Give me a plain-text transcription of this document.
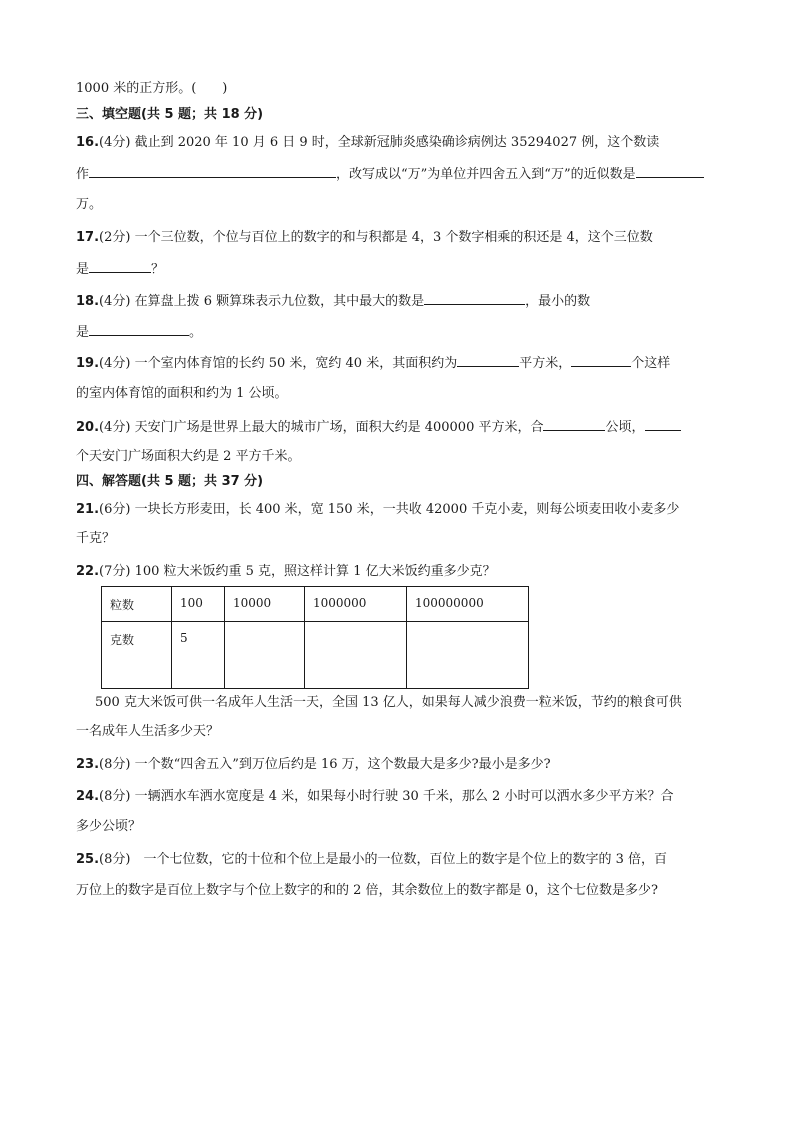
1000 米的正方形。(　　)
三、填空题(共 5 题；共 18 分)
16.(4分) 截止到 2020 年 10 月 6 日 9 时，全球新冠肺炎感染确诊病例达 35294027 例，这个数读
作	，改写成以“万”为单位并四舍五入到“万”的近似数是
万。
17.(2分) 一个三位数，个位与百位上的数字的和与积都是 4，3 个数字相乘的积还是 4，这个三位数
是	？
18.(4分) 在算盘上拨 6 颗算珠表示九位数，其中最大的数是	，最小的数
是	。
19.(4分) 一个室内体育馆的长约 50 米，宽约 40 米，其面积约为	平方米，	个这样
的室内体育馆的面积和约为 1 公顷。
20.(4分) 天安门广场是世界上最大的城市广场，面积大约是 400000 平方米，合	公顷，
个天安门广场面积大约是 2 平方千米。
四、解答题(共 5 题；共 37 分)
21.(6分) 一块长方形麦田，长 400 米，宽 150 米，一共收 42000 千克小麦，则每公顷麦田收小麦多少
千克？
22.(7分) 100 粒大米饭约重 5 克，照这样计算 1 亿大米饭约重多少克？
粒数	100	10000	1000000	100000000
克数	5			
500 克大米饭可供一名成年人生活一天，全国 13 亿人，如果每人减少浪费一粒米饭，节约的粮食可供
一名成年人生活多少天？
23.(8分) 一个数“四舍五入”到万位后约是 16 万，这个数最大是多少?最小是多少?
24.(8分) 一辆洒水车洒水宽度是 4 米，如果每小时行驶 30 千米，那么 2 小时可以洒水多少平方米？合
多少公顷？
25.(8分)　一个七位数，它的十位和个位上是最小的一位数，百位上的数字是个位上的数字的 3 倍，百
万位上的数字是百位上数字与个位上数字的和的 2 倍，其余数位上的数字都是 0，这个七位数是多少?
